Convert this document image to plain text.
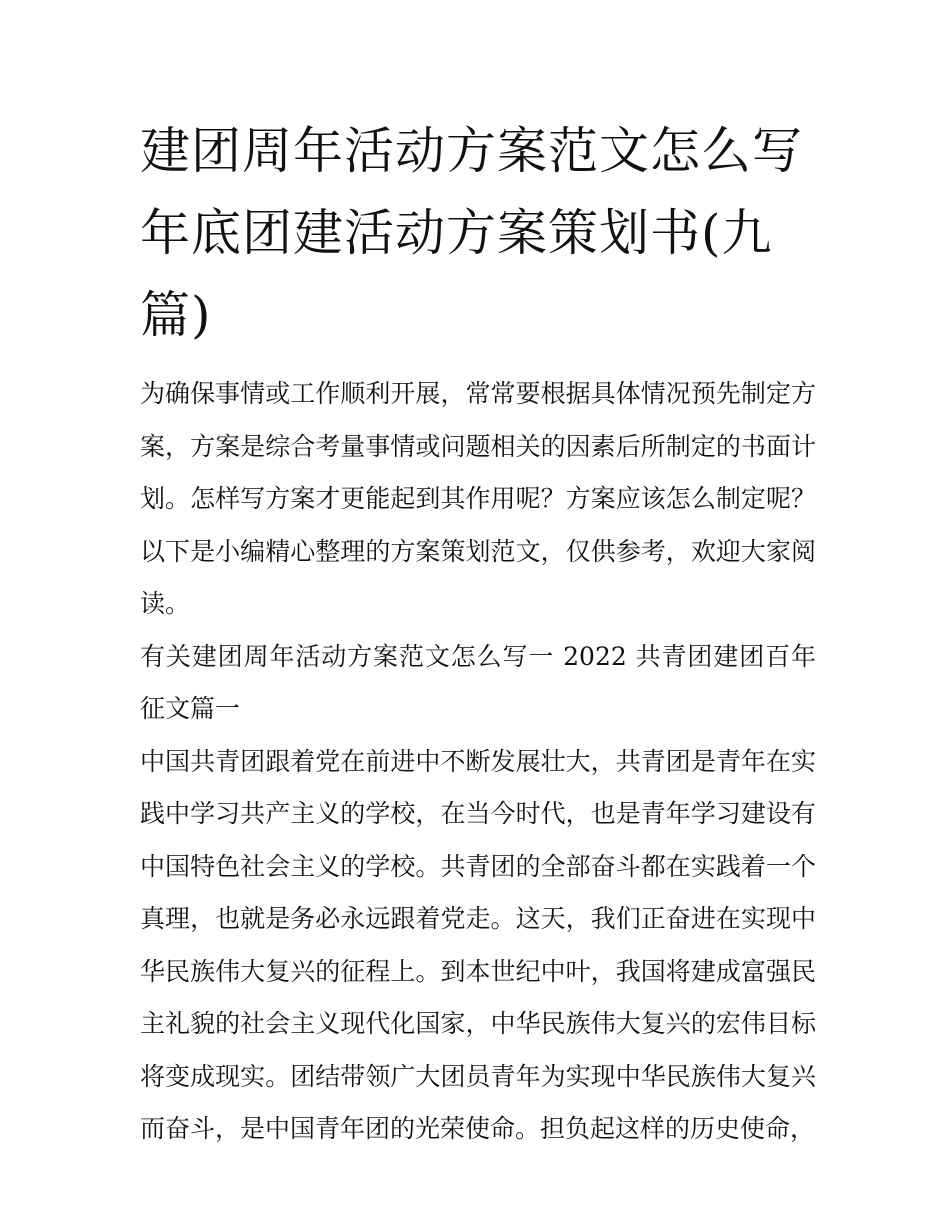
建团周年活动方案范文怎么写年底团建活动方案策划书(九篇)

为确保事情或工作顺利开展，常常要根据具体情况预先制定方案，方案是综合考量事情或问题相关的因素后所制定的书面计划。怎样写方案才更能起到其作用呢？方案应该怎么制定呢？以下是小编精心整理的方案策划范文，仅供参考，欢迎大家阅读。

有关建团周年活动方案范文怎么写一 2022 共青团建团百年征文篇一

中国共青团跟着党在前进中不断发展壮大，共青团是青年在实践中学习共产主义的学校，在当今时代，也是青年学习建设有中国特色社会主义的学校。共青团的全部奋斗都在实践着一个真理，也就是务必永远跟着党走。这天，我们正奋进在实现中华民族伟大复兴的征程上。到本世纪中叶，我国将建成富强民主礼貌的社会主义现代化国家，中华民族伟大复兴的宏伟目标将变成现实。团结带领广大团员青年为实现中华民族伟大复兴而奋斗，是中国青年团的光荣使命。担负起这样的历史使命，
